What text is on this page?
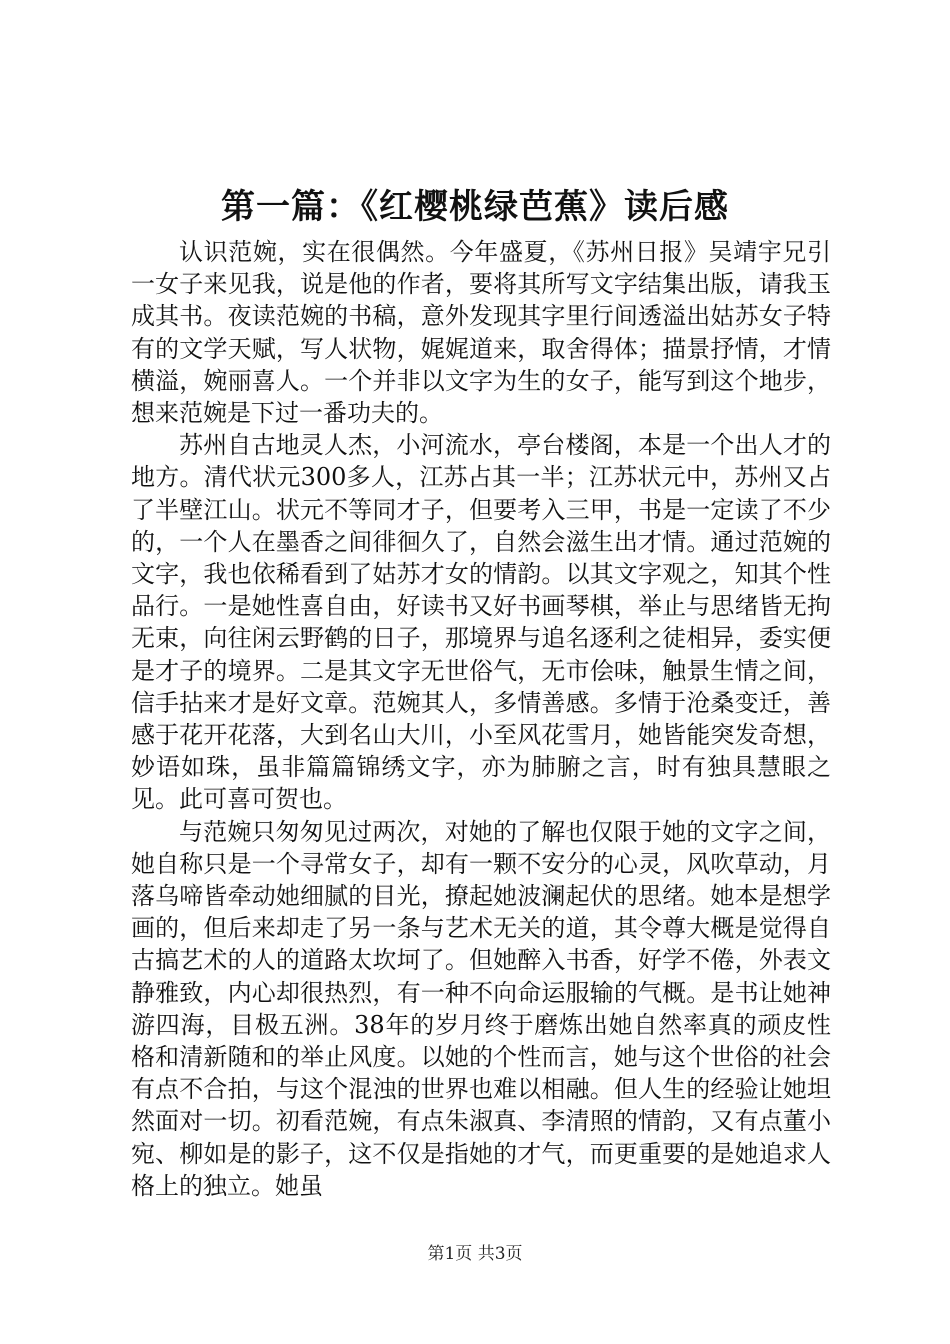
第一篇：《红樱桃绿芭蕉》读后感

认识范婉，实在很偶然。今年盛夏，《苏州日报》吴靖宇兄引一女子来见我，说是他的作者，要将其所写文字结集出版，请我玉成其书。夜读范婉的书稿，意外发现其字里行间透溢出姑苏女子特有的文学天赋，写人状物，娓娓道来，取舍得体；描景抒情，才情横溢，婉丽喜人。一个并非以文字为生的女子，能写到这个地步，想来范婉是下过一番功夫的。

苏州自古地灵人杰，小河流水，亭台楼阁，本是一个出人才的地方。清代状元300多人，江苏占其一半；江苏状元中，苏州又占了半壁江山。状元不等同才子，但要考入三甲，书是一定读了不少的，一个人在墨香之间徘徊久了，自然会滋生出才情。通过范婉的文字，我也依稀看到了姑苏才女的情韵。以其文字观之，知其个性品行。一是她性喜自由，好读书又好书画琴棋，举止与思绪皆无拘无束，向往闲云野鹤的日子，那境界与追名逐利之徒相异，委实便是才子的境界。二是其文字无世俗气，无市侩味，触景生情之间，信手拈来才是好文章。范婉其人，多情善感。多情于沧桑变迁，善感于花开花落，大到名山大川，小至风花雪月，她皆能突发奇想，妙语如珠，虽非篇篇锦绣文字，亦为肺腑之言，时有独具慧眼之见。此可喜可贺也。

与范婉只匆匆见过两次，对她的了解也仅限于她的文字之间，她自称只是一个寻常女子，却有一颗不安分的心灵，风吹草动，月落乌啼皆牵动她细腻的目光，撩起她波澜起伏的思绪。她本是想学画的，但后来却走了另一条与艺术无关的道，其令尊大概是觉得自古搞艺术的人的道路太坎坷了。但她醉入书香，好学不倦，外表文静雅致，内心却很热烈，有一种不向命运服输的气概。是书让她神游四海，目极五洲。38年的岁月终于磨炼出她自然率真的顽皮性格和清新随和的举止风度。以她的个性而言，她与这个世俗的社会有点不合拍，与这个混浊的世界也难以相融。但人生的经验让她坦然面对一切。初看范婉，有点朱淑真、李清照的情韵，又有点董小宛、柳如是的影子，这不仅是指她的才气，而更重要的是她追求人格上的独立。她虽

第1页 共3页
